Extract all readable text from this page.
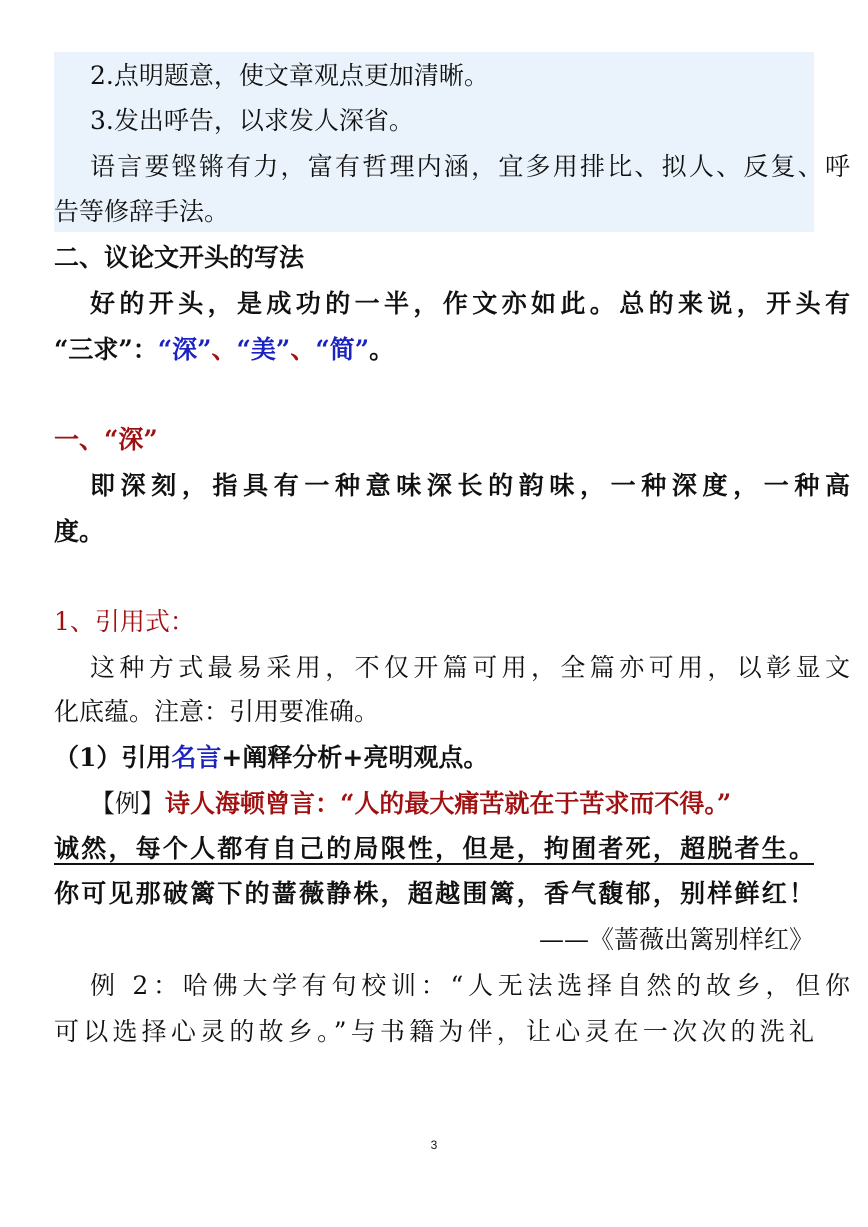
2.点明题意，使文章观点更加清晰。
3.发出呼告，以求发人深省。
语言要铿锵有力，富有哲理内涵，宜多用排比、拟人、反复、呼
告等修辞手法。
二、议论文开头的写法
好的开头，是成功的一半，作文亦如此。总的来说，开头有
“三求”：“深”、“美”、“简”。
一、“深”
即深刻，指具有一种意味深长的韵味，一种深度，一种高
度。
1、引用式：
这种方式最易采用，不仅开篇可用，全篇亦可用，以彰显文
化底蕴。注意：引用要准确。
（1）引用名言+阐释分析+亮明观点。
【例】诗人海顿曾言：“人的最大痛苦就在于苦求而不得。”
诚然，每个人都有自己的局限性，但是，拘囿者死，超脱者生。
你可见那破篱下的蔷薇静株，超越围篱，香气馥郁，别样鲜红！
——《蔷薇出篱别样红》
例 2：哈佛大学有句校训：“人无法选择自然的故乡，但你
可以选择心灵的故乡。”与书籍为伴，让心灵在一次次的洗礼
3
